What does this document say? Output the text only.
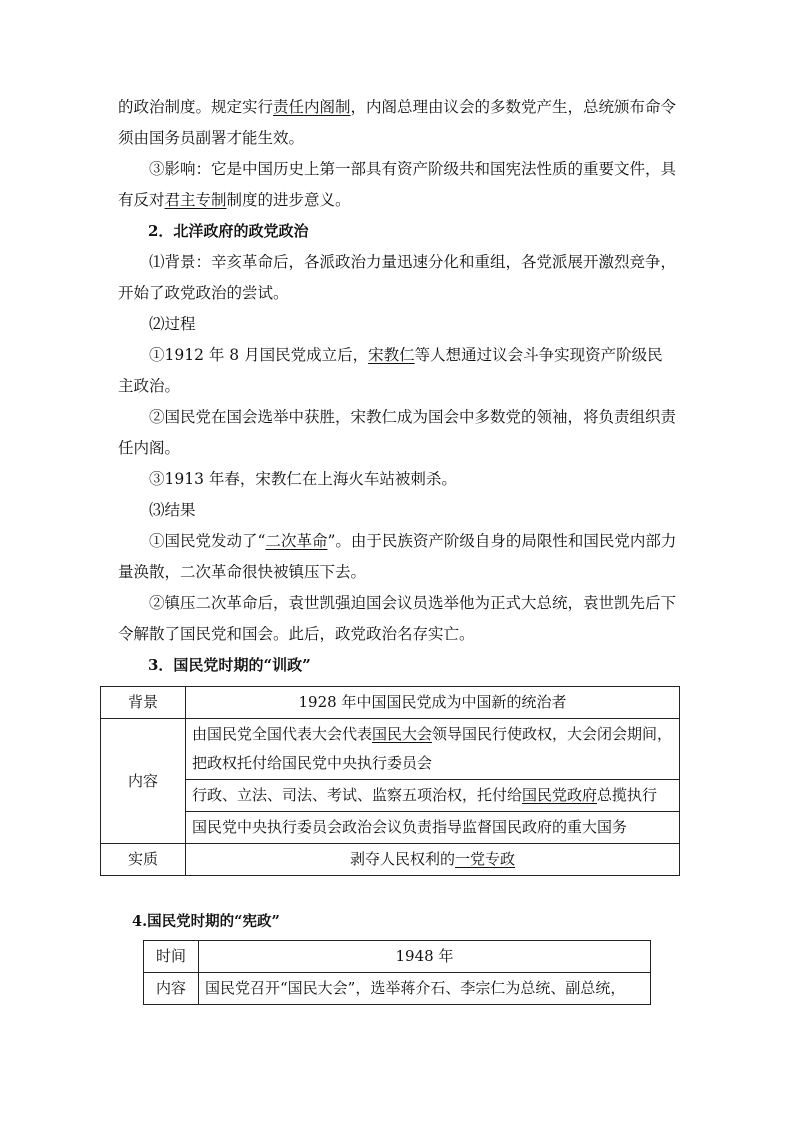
的政治制度。规定实行责任内阁制，内阁总理由议会的多数党产生，总统颁布命令须由国务员副署才能生效。

③影响：它是中国历史上第一部具有资产阶级共和国宪法性质的重要文件，具有反对君主专制制度的进步意义。

2．北洋政府的政党政治

⑴背景：辛亥革命后，各派政治力量迅速分化和重组，各党派展开激烈竞争，开始了政党政治的尝试。

⑵过程

①1912 年 8 月国民党成立后，宋教仁等人想通过议会斗争实现资产阶级民主政治。

②国民党在国会选举中获胜，宋教仁成为国会中多数党的领袖，将负责组织责任内阁。

③1913 年春，宋教仁在上海火车站被刺杀。

⑶结果

①国民党发动了“二次革命”。由于民族资产阶级自身的局限性和国民党内部力量涣散，二次革命很快被镇压下去。

②镇压二次革命后，袁世凯强迫国会议员选举他为正式大总统，袁世凯先后下令解散了国民党和国会。此后，政党政治名存实亡。

3．国民党时期的“训政”

背景	1928 年中国国民党成为中国新的统治者
内容	由国民党全国代表大会代表国民大会领导国民行使政权，大会闭会期间，把政权托付给国民党中央执行委员会
	行政、立法、司法、考试、监察五项治权，托付给国民党政府总揽执行
	国民党中央执行委员会政治会议负责指导监督国民政府的重大国务
实质	剥夺人民权利的一党专政
4.国民党时期的“宪政”
时间	1948 年
内容	国民党召开“国民大会”，选举蒋介石、李宗仁为总统、副总统，
